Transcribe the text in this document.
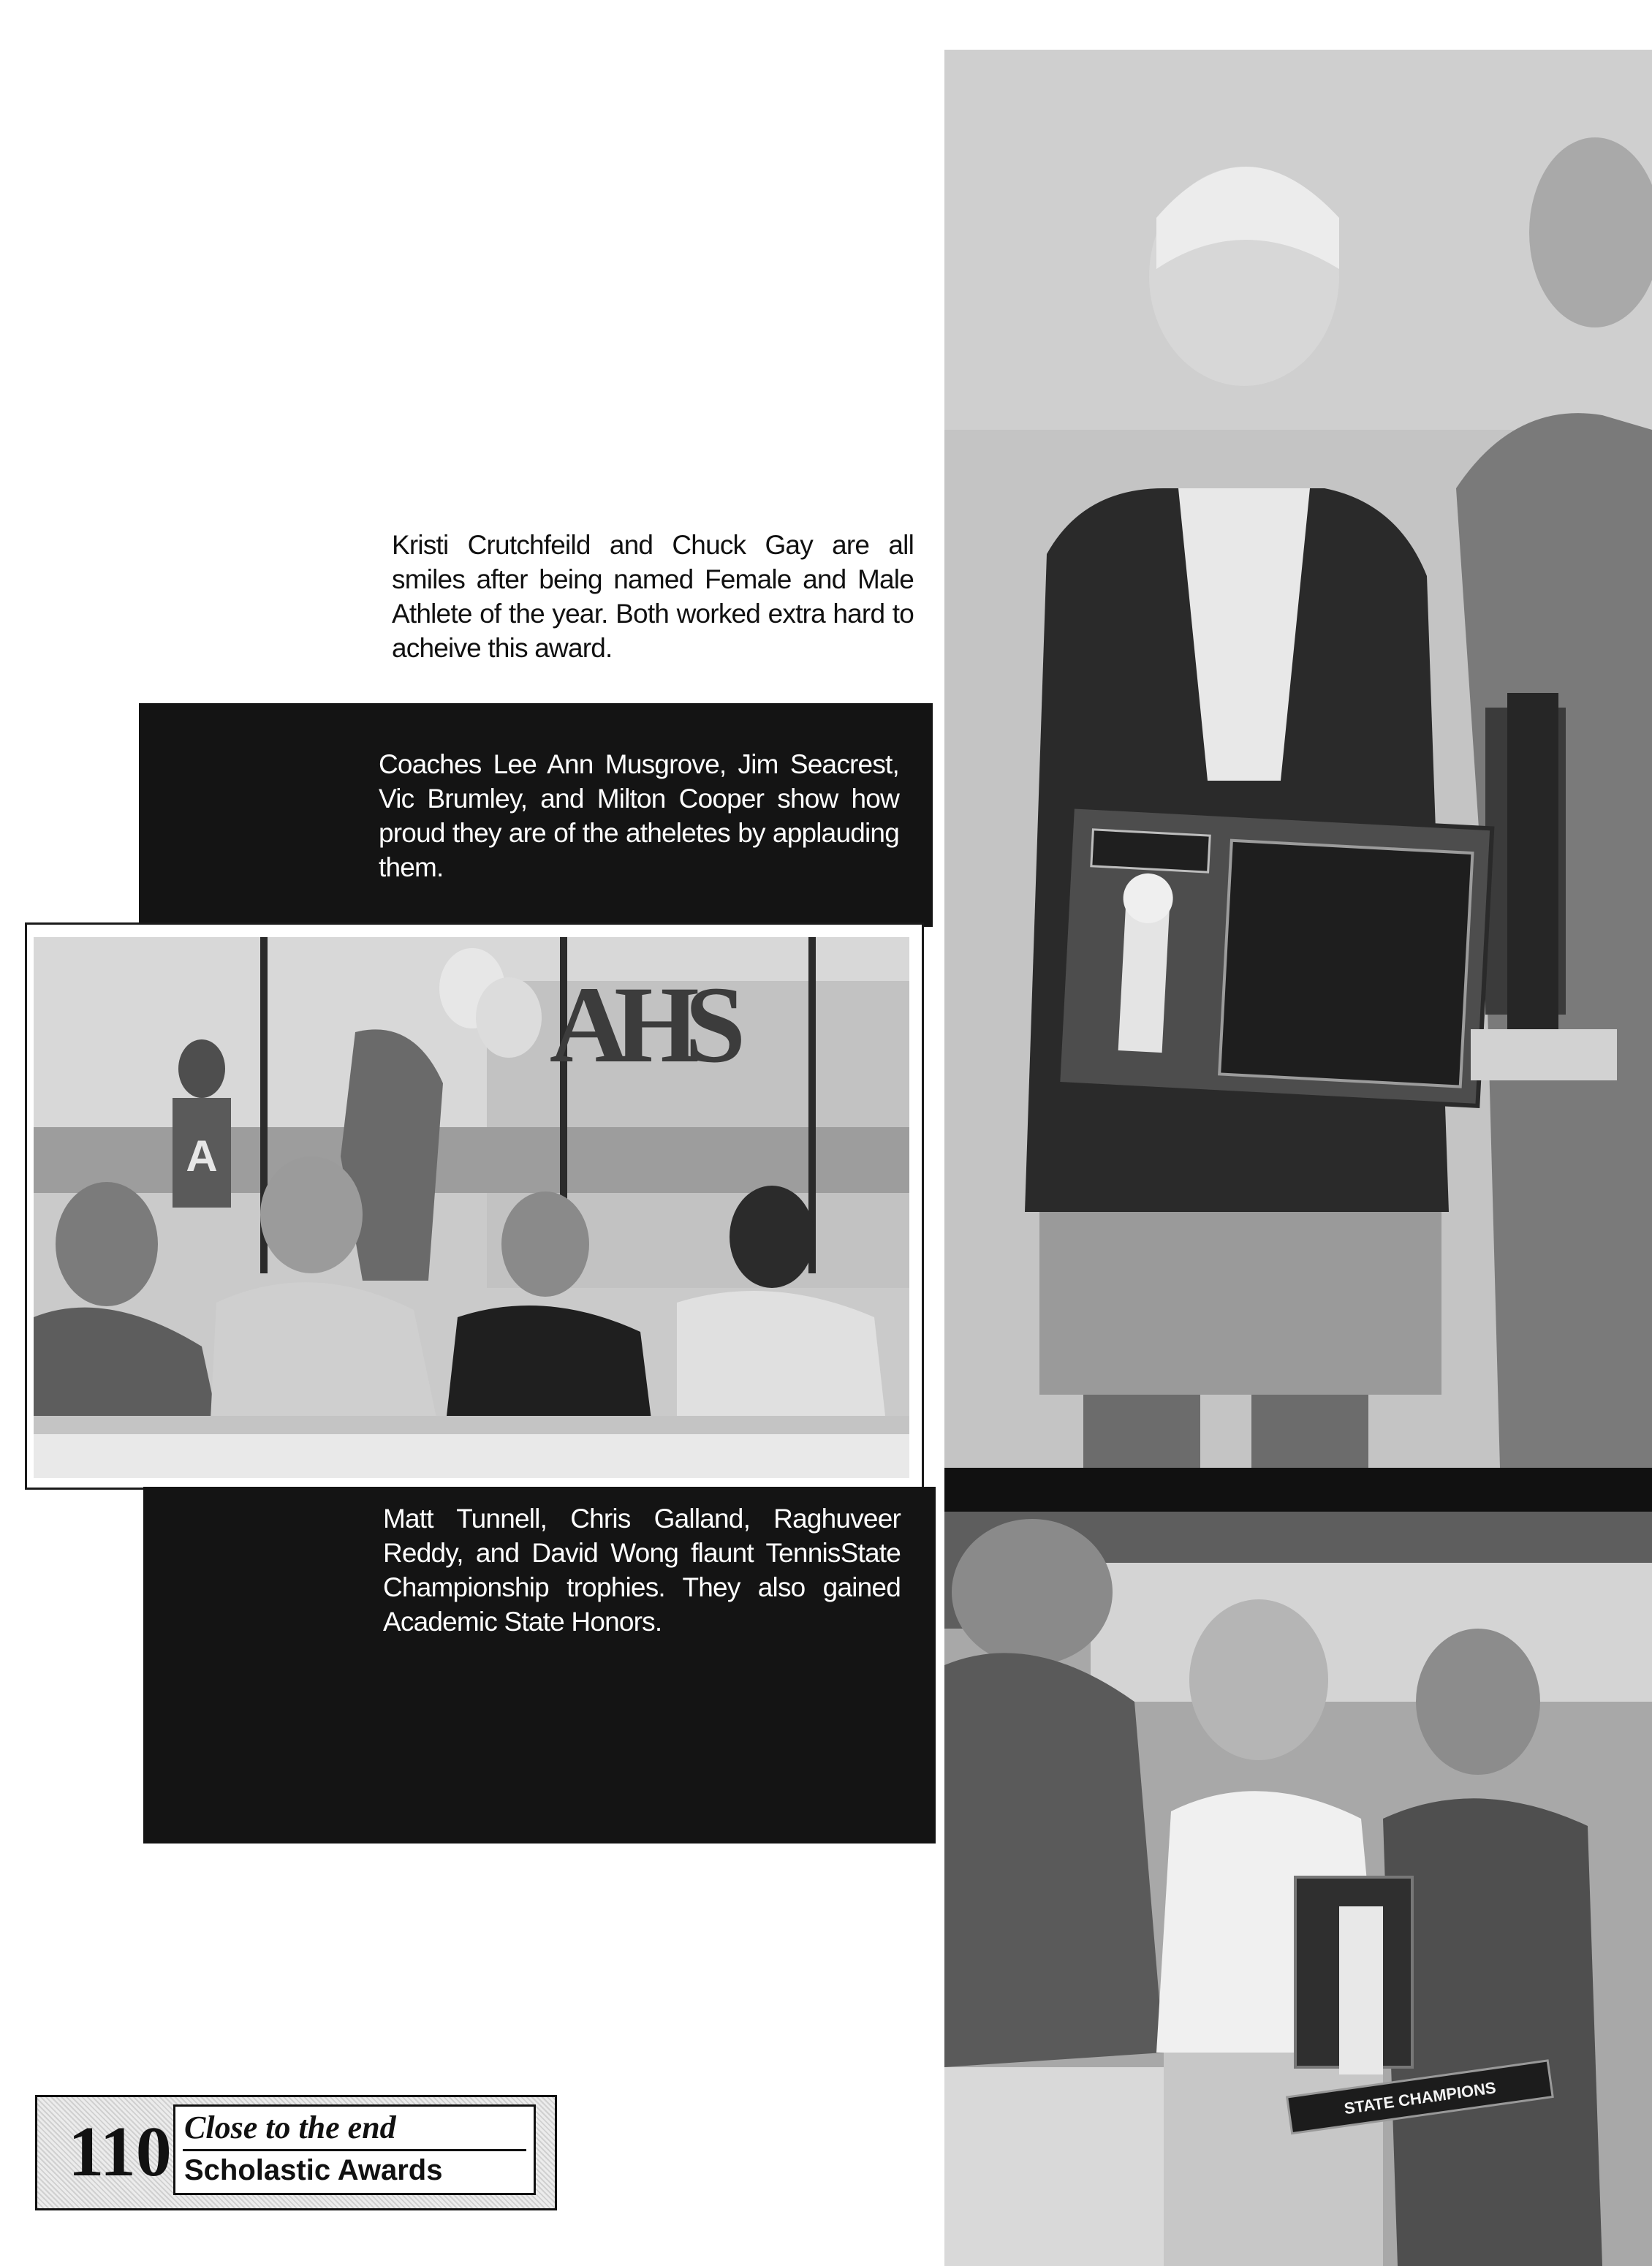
STATE CHAMPIONS
Kristi Crutchfeild and Chuck Gay are all smiles after being named Female and Male Athlete of the year. Both worked extra hard to acheive this award.
Coaches Lee Ann Musgrove, Jim Seacrest, Vic Brumley, and Milton Cooper show how proud they are of the atheletes by applauding them.
AHS
A
Matt Tunnell, Chris Galland, Raghuveer Reddy, and David Wong flaunt TennisState Championship trophies. They also gained Academic State Honors.
110 Close to the end
Scholastic Awards
